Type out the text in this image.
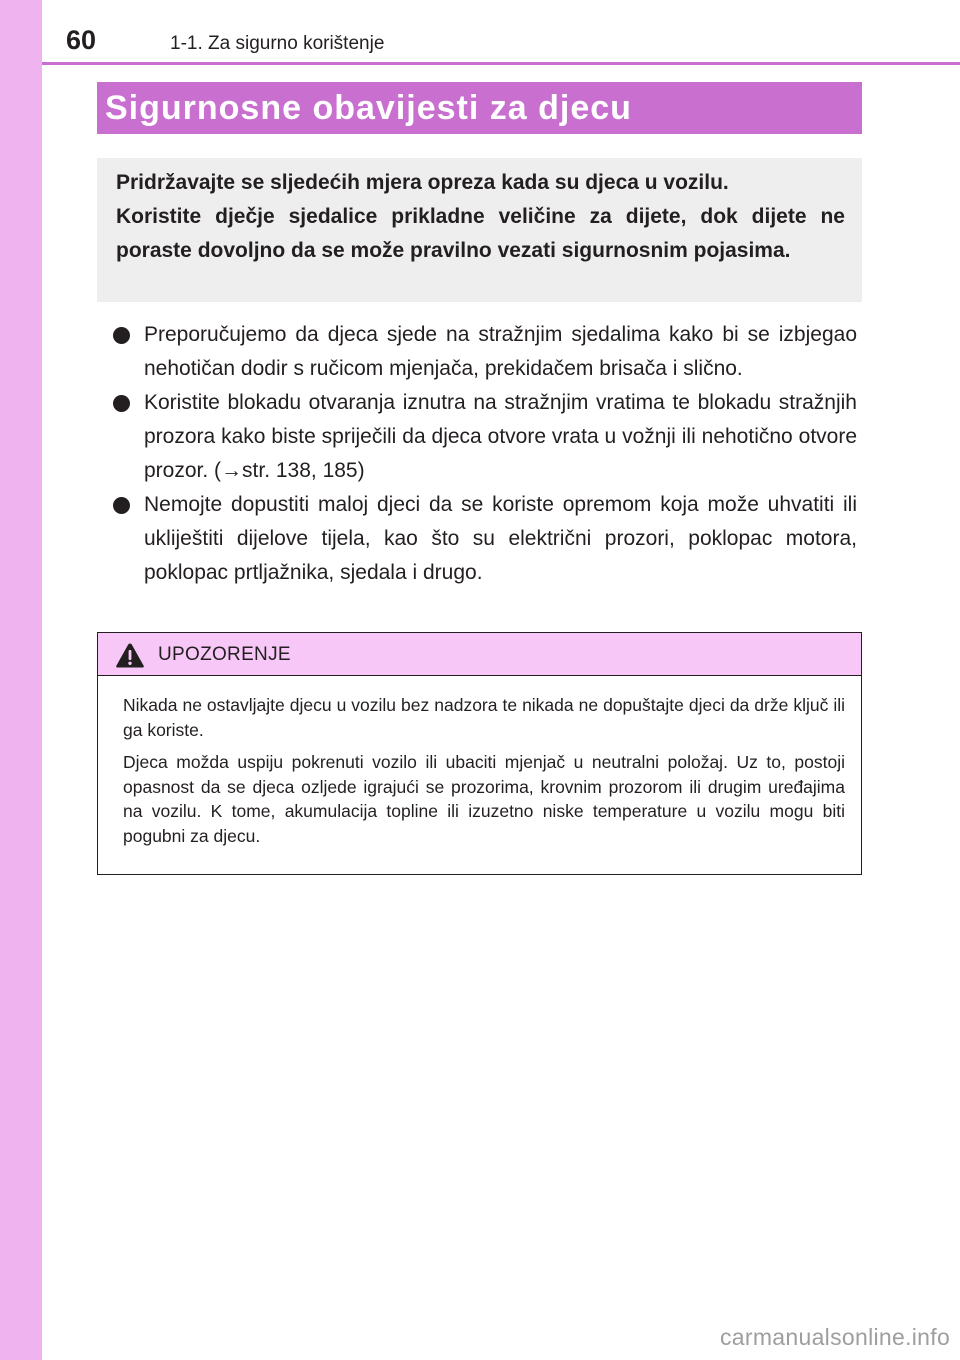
60	1-1. Za sigurno korištenje
Sigurnosne obavijesti za djecu

Pridržavajte se sljedećih mjera opreza kada su djeca u vozilu.

Koristite dječje sjedalice prikladne veličine za dijete, dok dijete ne poraste dovoljno da se može pravilno vezati sigurnosnim pojasima.

Preporučujemo da djeca sjede na stražnjim sjedalima kako bi se izbjegao nehotičan dodir s ručicom mjenjača, prekidačem brisača i slično.
Koristite blokadu otvaranja iznutra na stražnjim vratima te blokadu stražnjih prozora kako biste spriječili da djeca otvore vrata u vožnji ili nehotično otvore prozor. (→str. 138, 185)
Nemojte dopustiti maloj djeci da se koriste opremom koja može uhvatiti ili ukliještiti dijelove tijela, kao što su električni prozori, poklopac motora, poklopac prtljažnika, sjedala i drugo.
UPOZORENJE

Nikada ne ostavljajte djecu u vozilu bez nadzora te nikada ne dopuštajte djeci da drže ključ ili ga koriste.

Djeca možda uspiju pokrenuti vozilo ili ubaciti mjenjač u neutralni položaj. Uz to, postoji opasnost da se djeca ozljede igrajući se prozorima, krovnim prozorom ili drugim uređajima na vozilu. K tome, akumulacija topline ili izuzetno niske temperature u vozilu mogu biti pogubni za djecu.

carmanualsonline.info
